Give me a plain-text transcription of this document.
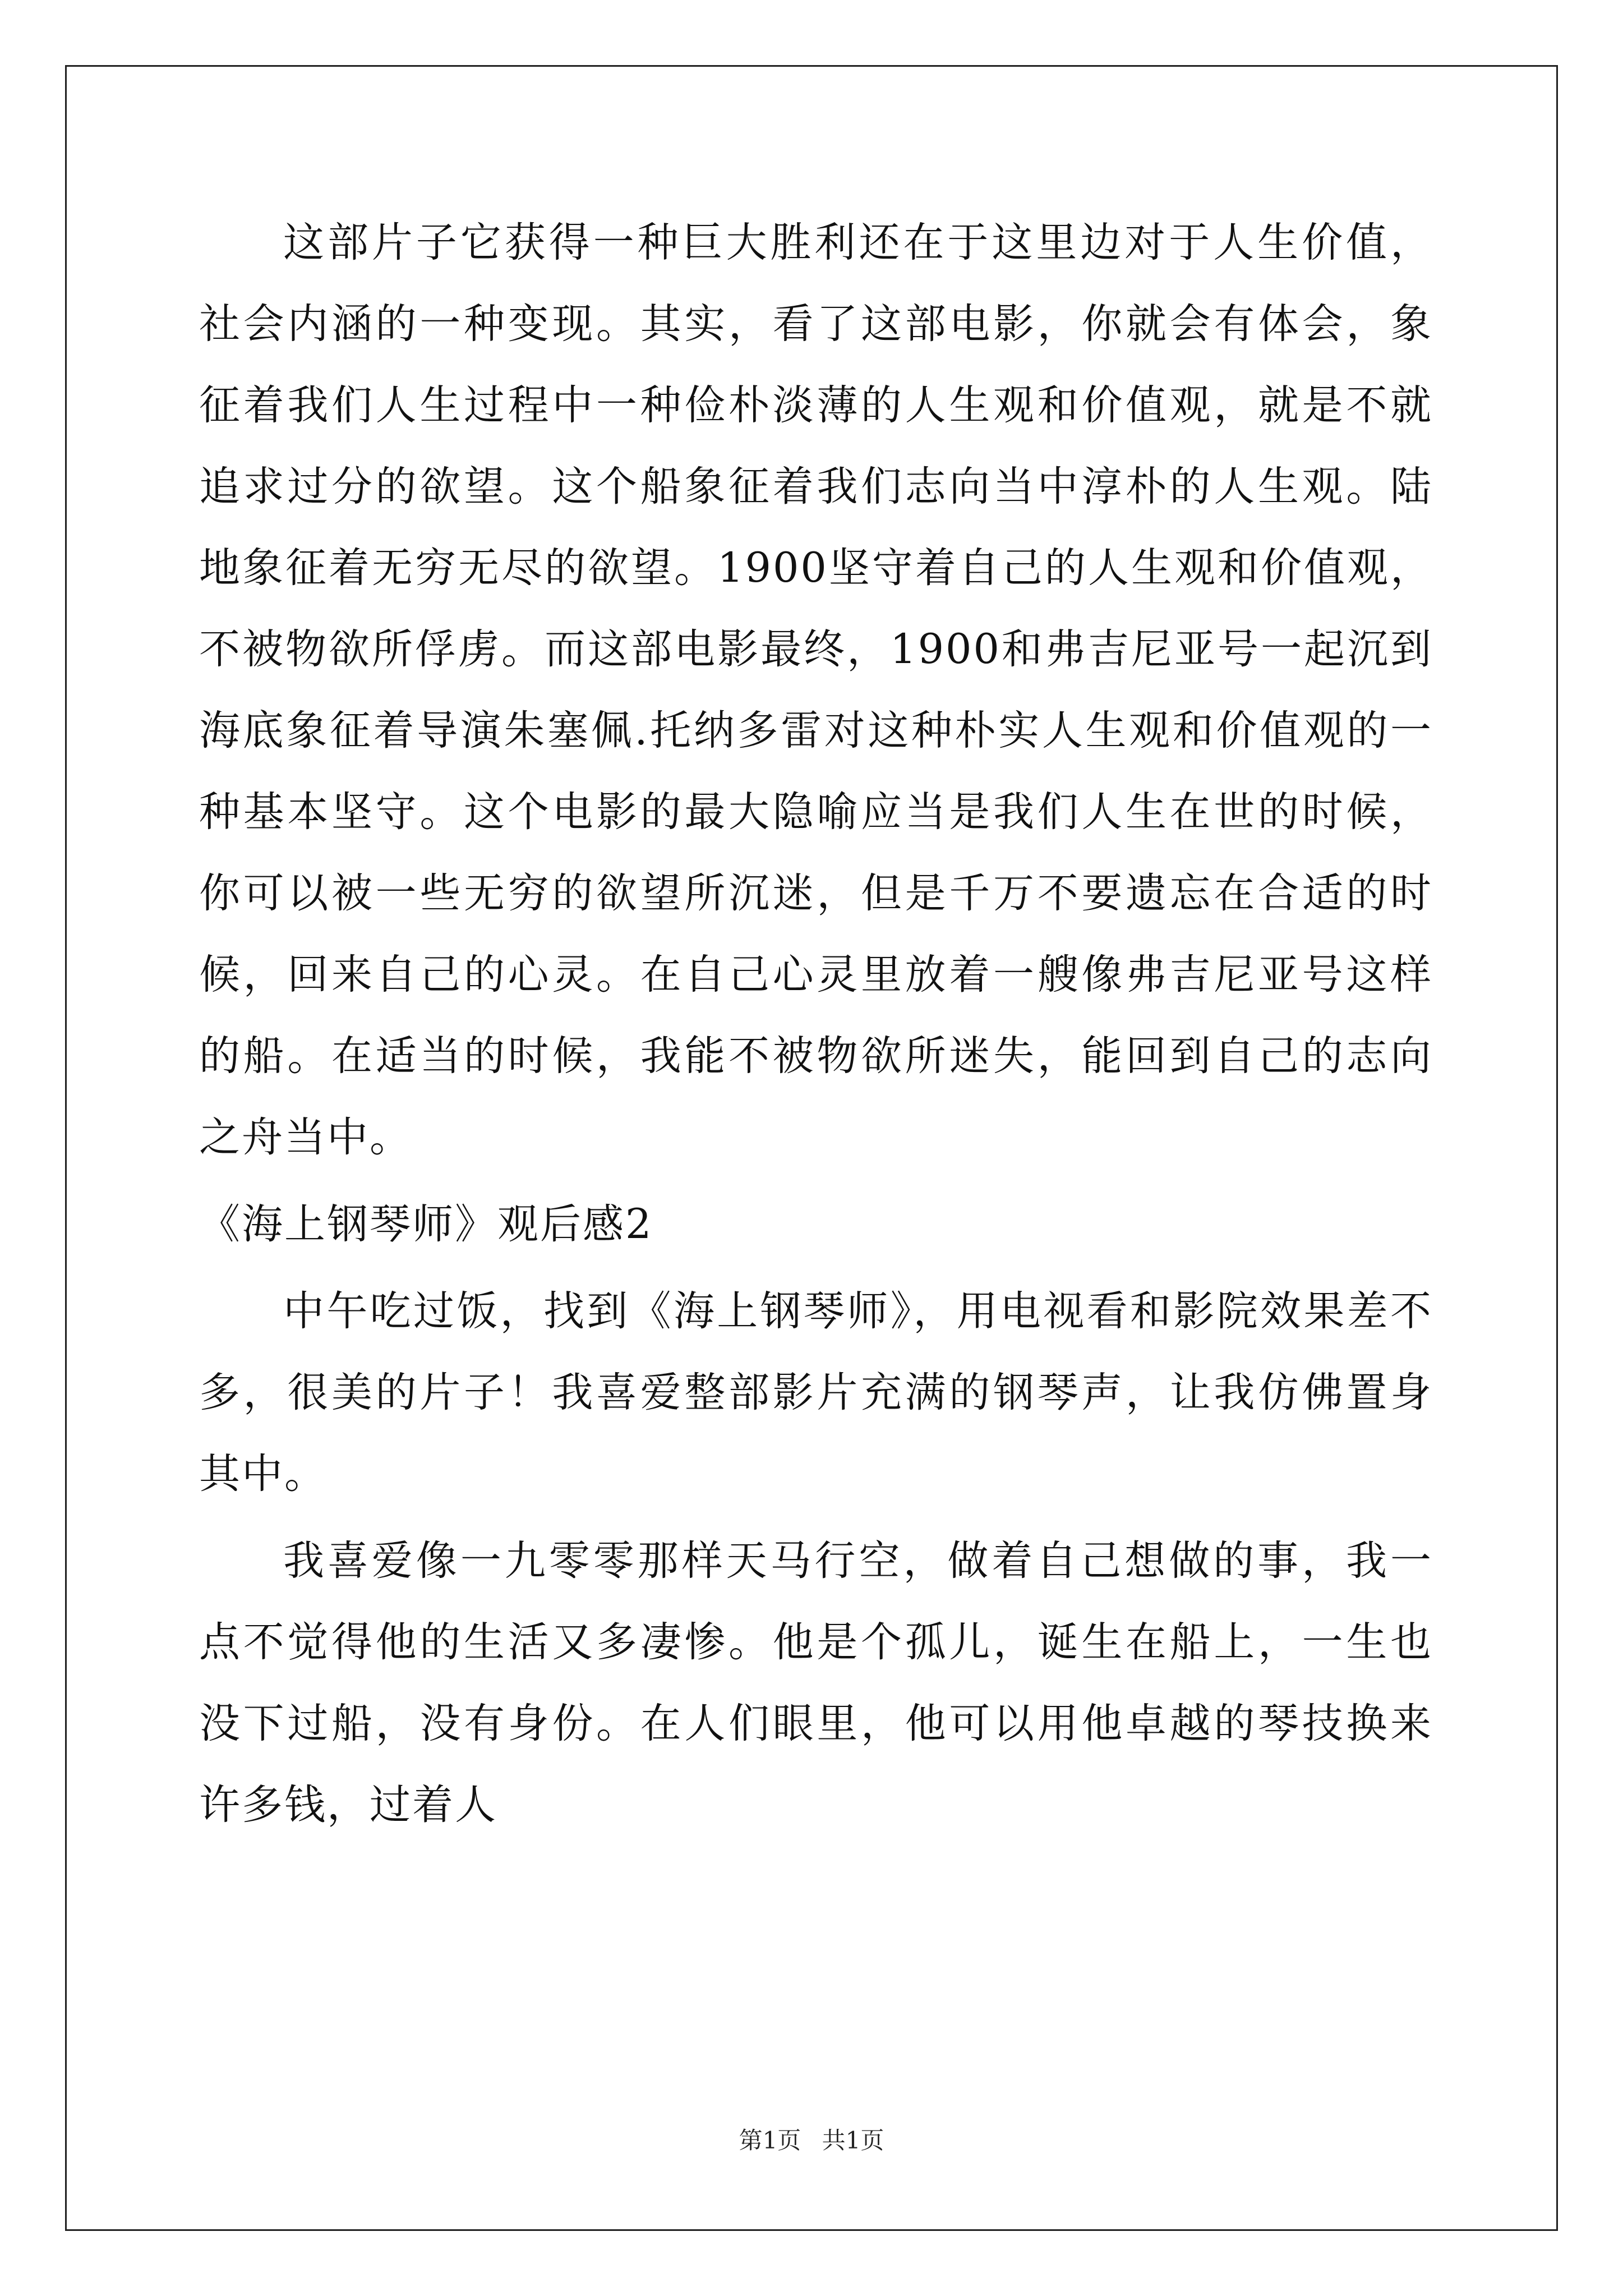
这部片子它获得一种巨大胜利还在于这里边对于人生价值，社会内涵的一种变现。其实，看了这部电影，你就会有体会，象征着我们人生过程中一种俭朴淡薄的人生观和价值观，就是不就追求过分的欲望。这个船象征着我们志向当中淳朴的人生观。陆地象征着无穷无尽的欲望。1900坚守着自己的人生观和价值观，不被物欲所俘虏。而这部电影最终，1900和弗吉尼亚号一起沉到海底象征着导演朱塞佩.托纳多雷对这种朴实人生观和价值观的一种基本坚守。这个电影的最大隐喻应当是我们人生在世的时候，你可以被一些无穷的欲望所沉迷，但是千万不要遗忘在合适的时候，回来自己的心灵。在自己心灵里放着一艘像弗吉尼亚号这样的船。在适当的时候，我能不被物欲所迷失，能回到自己的志向之舟当中。

《海上钢琴师》观后感2

中午吃过饭，找到《海上钢琴师》，用电视看和影院效果差不多，很美的片子！我喜爱整部影片充满的钢琴声，让我仿佛置身其中。

我喜爱像一九零零那样天马行空，做着自己想做的事，我一点不觉得他的生活又多凄惨。他是个孤儿，诞生在船上，一生也没下过船，没有身份。在人们眼里，他可以用他卓越的琴技换来许多钱，过着人

第1页 共1页
